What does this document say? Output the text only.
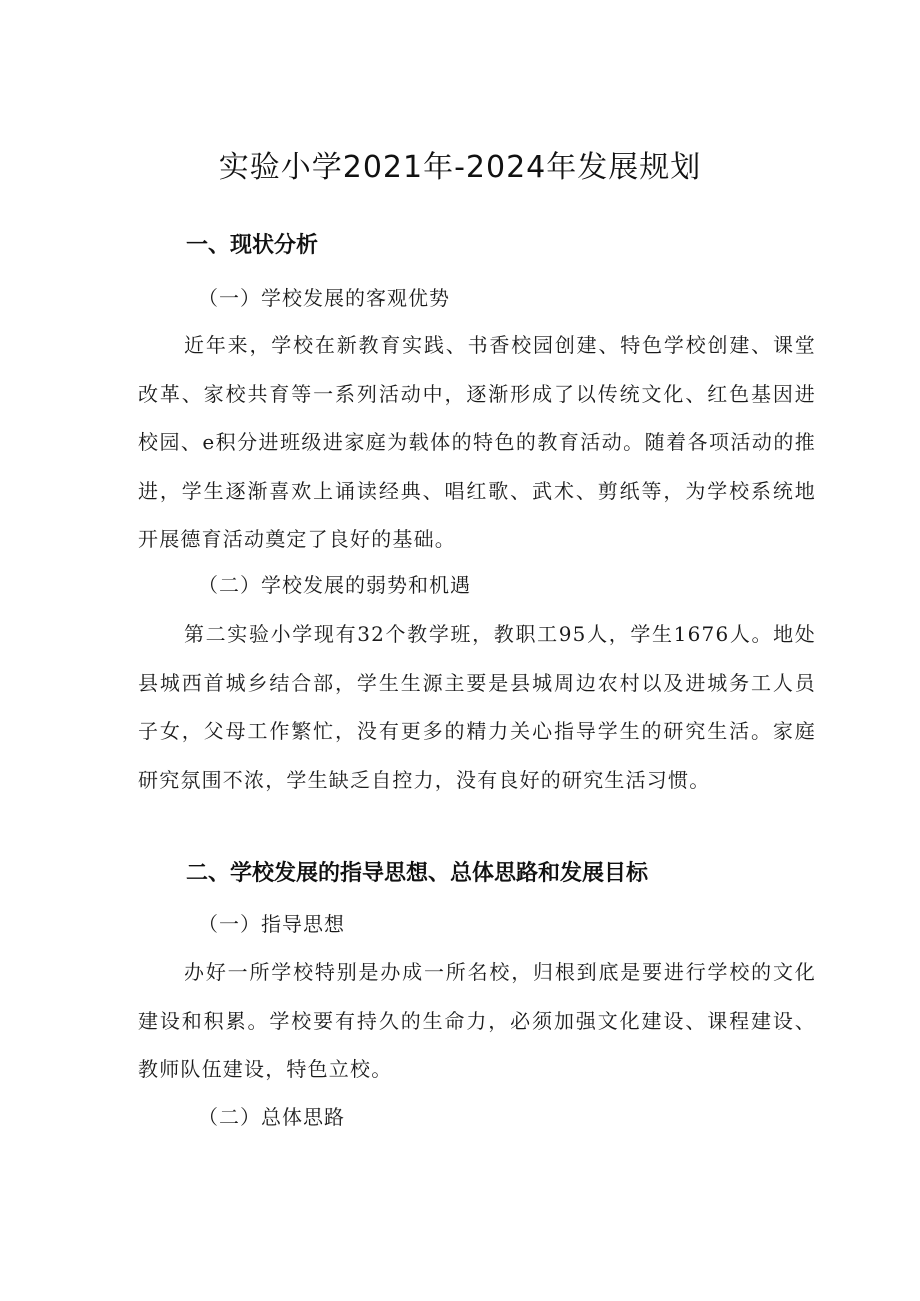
实验小学2021年-2024年发展规划
一、现状分析
（一）学校发展的客观优势
近年来，学校在新教育实践、书香校园创建、特色学校创建、课堂改革、家校共育等一系列活动中，逐渐形成了以传统文化、红色基因进校园、e积分进班级进家庭为载体的特色的教育活动。随着各项活动的推进，学生逐渐喜欢上诵读经典、唱红歌、武术、剪纸等，为学校系统地开展德育活动奠定了良好的基础。
（二）学校发展的弱势和机遇
第二实验小学现有32个教学班，教职工95人，学生1676人。地处县城西首城乡结合部，学生生源主要是县城周边农村以及进城务工人员子女，父母工作繁忙，没有更多的精力关心指导学生的研究生活。家庭研究氛围不浓，学生缺乏自控力，没有良好的研究生活习惯。
二、学校发展的指导思想、总体思路和发展目标
（一）指导思想
办好一所学校特别是办成一所名校，归根到底是要进行学校的文化建设和积累。学校要有持久的生命力，必须加强文化建设、课程建设、教师队伍建设，特色立校。
（二）总体思路
